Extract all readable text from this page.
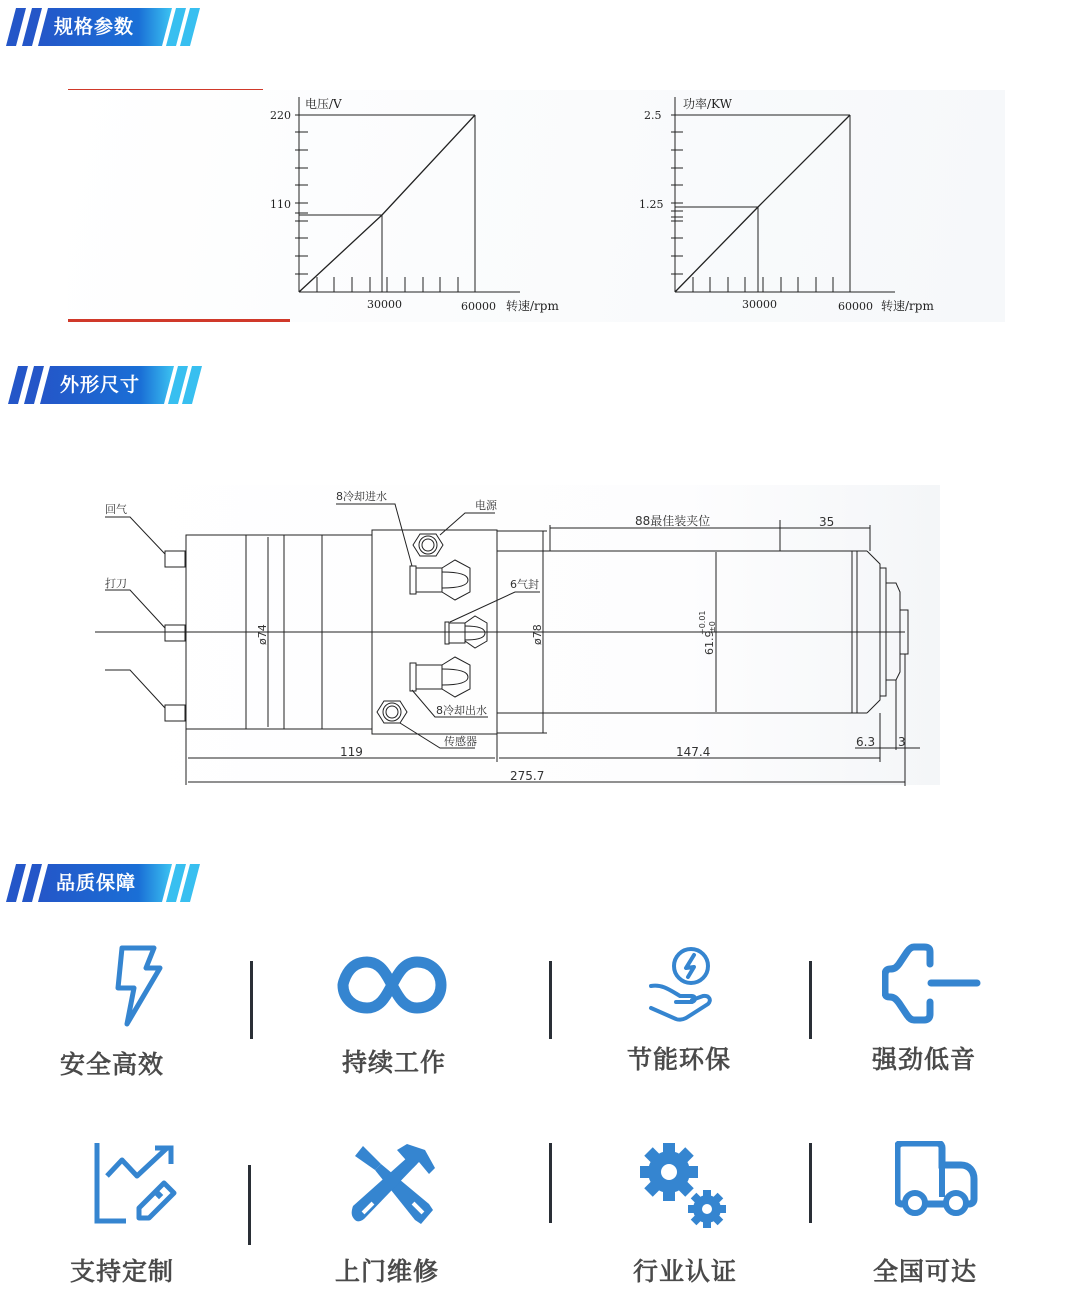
规格参数
220
110
电压/V
30000	60000 转速/rpm
2.5
1.25
功率/KW
30000	60000 转速/rpm
外形尺寸
回气
打刀
8冷却进水
电源
6气封
8冷却出水
传感器
88最佳装夹位	35
119	147.4
275.7
6.3 3
ø74	ø78	61.9
+0.01 ±0
品质保障
安全高效	持续工作	节能环保	强劲低音
支持定制	上门维修	行业认证	全国可达
